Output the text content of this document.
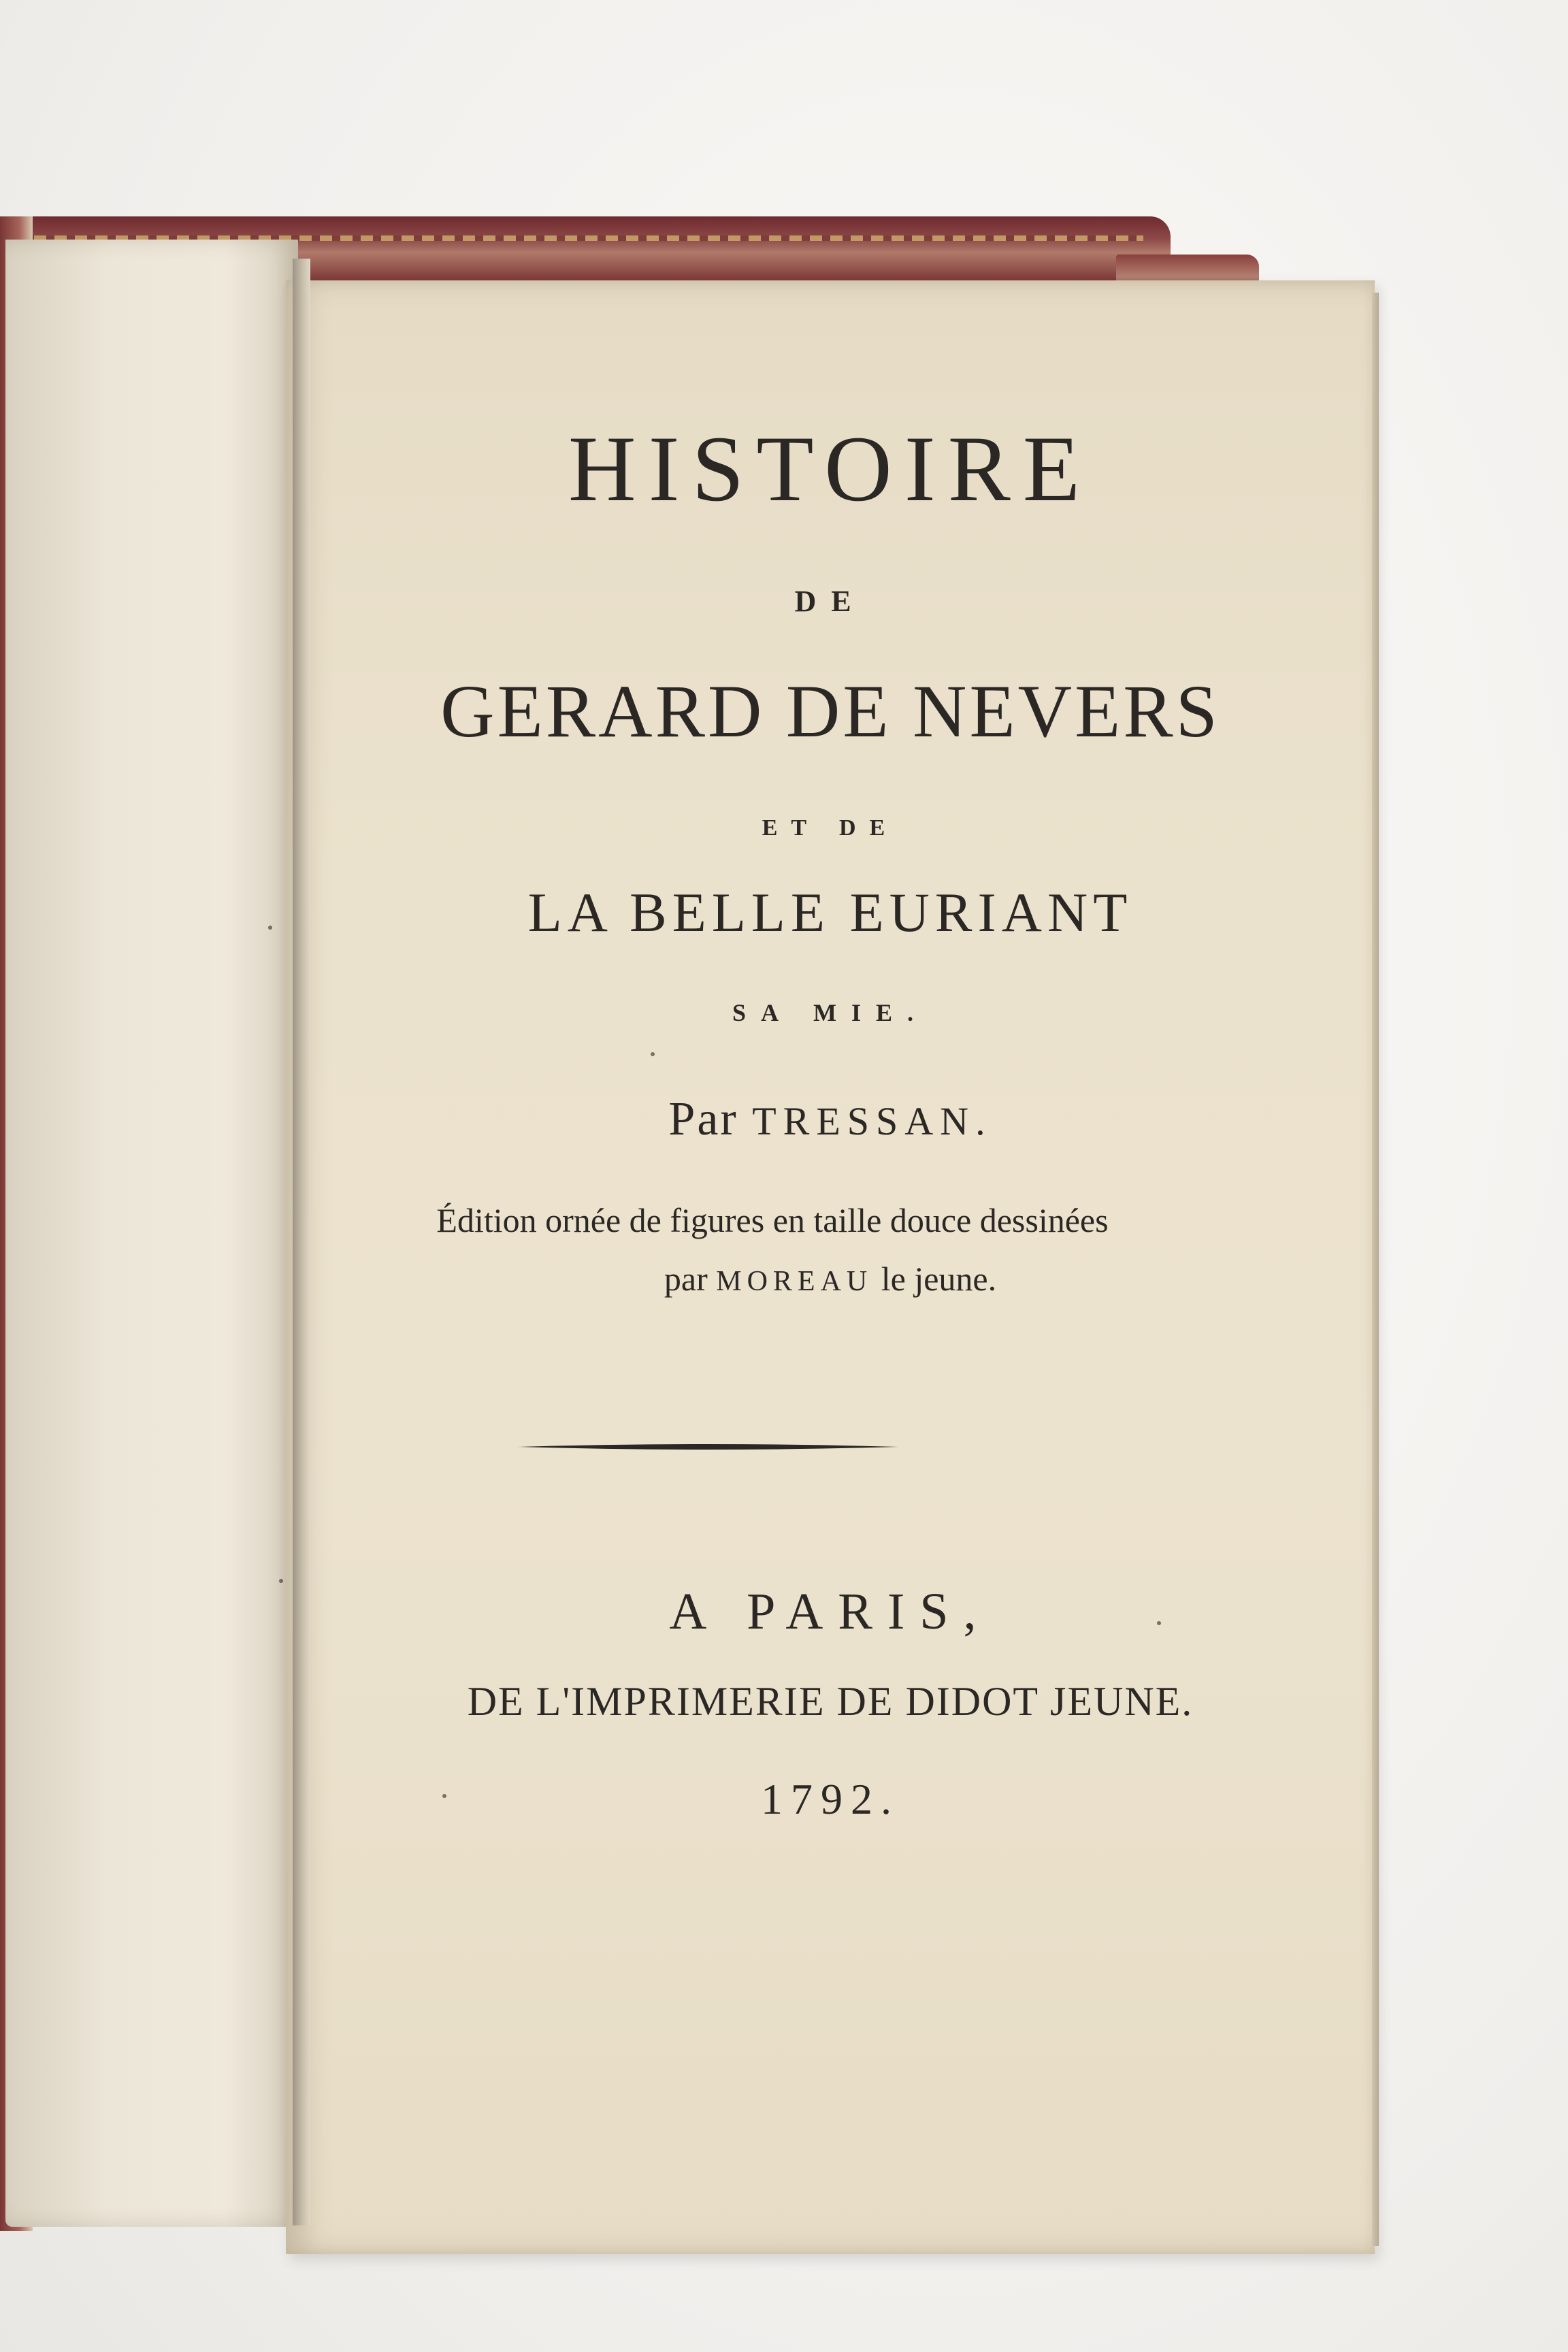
HISTOIRE
DE
GERARD DE NEVERS
ET DE
LA BELLE EURIANT
SA MIE.
Par TRESSAN.
Édition ornée de figures en taille douce dessinées
par MOREAU le jeune.
A PARIS,
DE L'IMPRIMERIE DE DIDOT JEUNE.
1792.
